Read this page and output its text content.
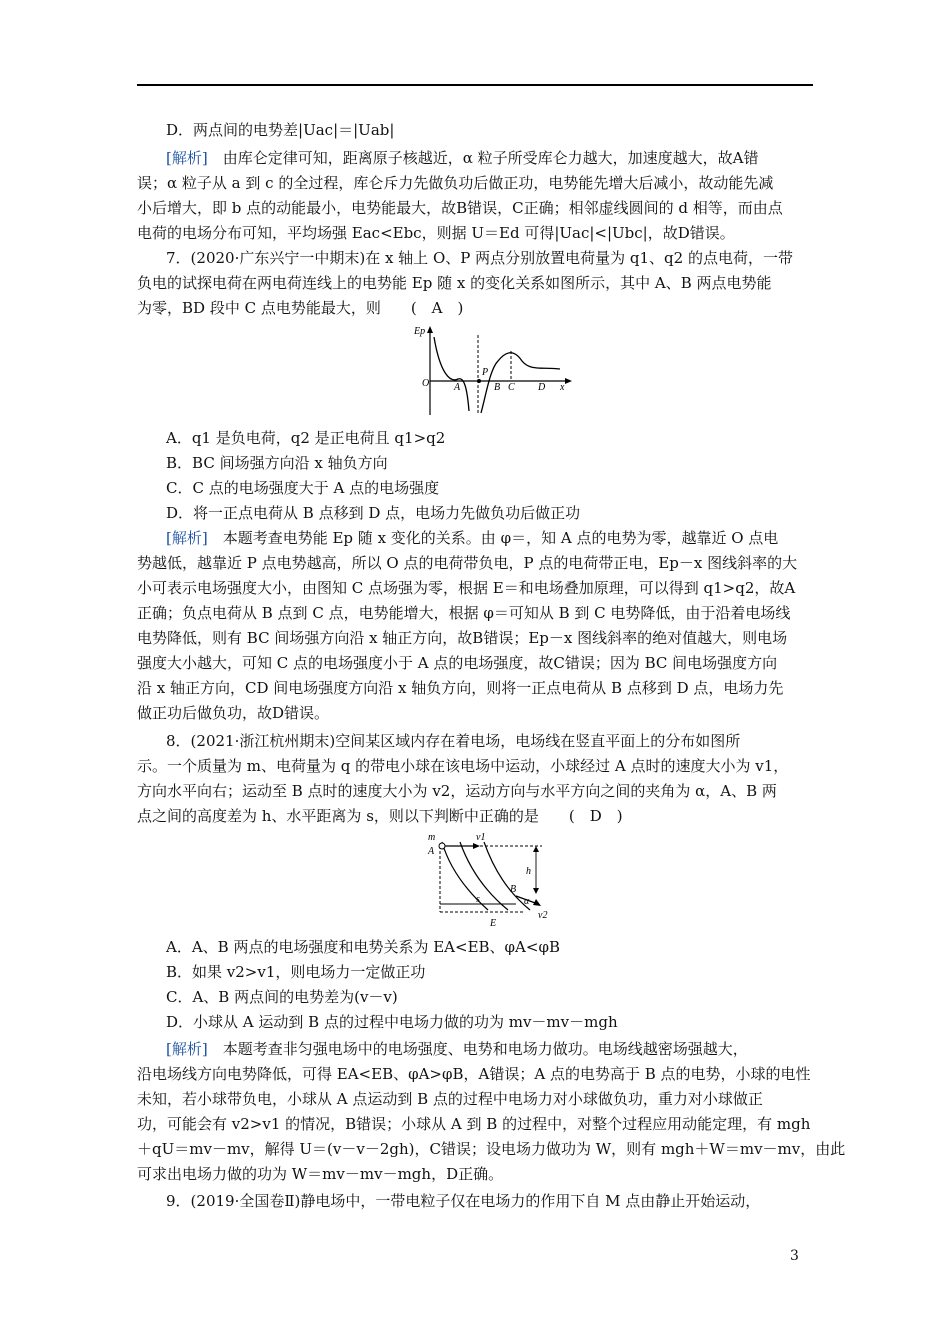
D．两点间的电势差|Uac|＝|Uab|
[解析]　由库仑定律可知，距离原子核越近，α 粒子所受库仑力越大，加速度越大，故A错
误；α 粒子从 a 到 c 的全过程，库仑斥力先做负功后做正功，电势能先增大后减小，故动能先减
小后增大，即 b 点的动能最小，电势能最大，故B错误，C正确；相邻虚线圆间的 d 相等，而由点
电荷的电场分布可知，平均场强 Eac<Ebc，则据 U＝Ed 可得|Uac|<|Ubc|，故D错误。
7．(2020·广东兴宁一中期末)在 x 轴上 O、P 两点分别放置电荷量为 q1、q2 的点电荷，一带
负电的试探电荷在两电荷连线上的电势能 Ep 随 x 的变化关系如图所示，其中 A、B 两点电势能
为零，BD 段中 C 点电势能最大，则　　(　A　)
Ep
O A
P
B C D x
A．q1 是负电荷，q2 是正电荷且 q1>q2
B．BC 间场强方向沿 x 轴负方向
C．C 点的电场强度大于 A 点的电场强度
D．将一正点电荷从 B 点移到 D 点，电场力先做负功后做正功
[解析]　本题考查电势能 Ep 随 x 变化的关系。由 φ＝，知 A 点的电势为零，越靠近 O 点电
势越低，越靠近 P 点电势越高，所以 O 点的电荷带负电，P 点的电荷带正电，Ep－x 图线斜率的大
小可表示电场强度大小，由图知 C 点场强为零，根据 E＝和电场叠加原理，可以得到 q1>q2，故A
正确；负点电荷从 B 点到 C 点，电势能增大，根据 φ＝可知从 B 到 C 电势降低，由于沿着电场线
电势降低，则有 BC 间场强方向沿 x 轴正方向，故B错误；Ep－x 图线斜率的绝对值越大，则电场
强度大小越大，可知 C 点的电场强度小于 A 点的电场强度，故C错误；因为 BC 间电场强度方向
沿 x 轴正方向，CD 间电场强度方向沿 x 轴负方向，则将一正点电荷从 B 点移到 D 点，电场力先
做正功后做负功，故D错误。
8．(2021·浙江杭州期末)空间某区域内存在着电场，电场线在竖直平面上的分布如图所
示。一个质量为 m、电荷量为 q 的带电小球在该电场中运动，小球经过 A 点时的速度大小为 v1，
方向水平向右；运动至 B 点时的速度大小为 v2，运动方向与水平方向之间的夹角为 α，A、B 两
点之间的高度差为 h、水平距离为 s，则以下判断中正确的是　　(　D　)
m
A
v1
h
B
α
s
v2
E
A．A、B 两点的电场强度和电势关系为 EA<EB、φA<φB
B．如果 v2>v1，则电场力一定做正功
C．A、B 两点间的电势差为(v－v)
D．小球从 A 运动到 B 点的过程中电场力做的功为 mv－mv－mgh
[解析]　本题考查非匀强电场中的电场强度、电势和电场力做功。电场线越密场强越大，
沿电场线方向电势降低，可得 EA<EB、φA>φB，A错误；A 点的电势高于 B 点的电势，小球的电性
未知，若小球带负电，小球从 A 点运动到 B 点的过程中电场力对小球做负功，重力对小球做正
功，可能会有 v2>v1 的情况，B错误；小球从 A 到 B 的过程中，对整个过程应用动能定理，有 mgh
＋qU＝mv－mv，解得 U＝(v－v－2gh)，C错误；设电场力做功为 W，则有 mgh＋W＝mv－mv，由此
可求出电场力做的功为 W＝mv－mv－mgh，D正确。
9．(2019·全国卷Ⅱ)静电场中，一带电粒子仅在电场力的作用下自 M 点由静止开始运动，
3
